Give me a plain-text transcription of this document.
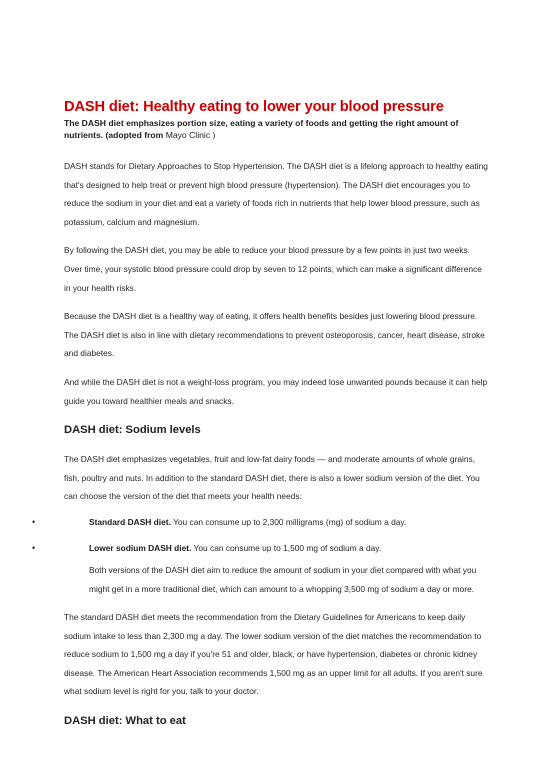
DASH diet: Healthy eating to lower your blood pressure
The DASH diet emphasizes portion size, eating a variety of foods and getting the right amount of nutrients. (adopted from Mayo Clinic )

DASH stands for Dietary Approaches to Stop Hypertension. The DASH diet is a lifelong approach to healthy eating that's designed to help treat or prevent high blood pressure (hypertension). The DASH diet encourages you to reduce the sodium in your diet and eat a variety of foods rich in nutrients that help lower blood pressure, such as potassium, calcium and magnesium.

By following the DASH diet, you may be able to reduce your blood pressure by a few points in just two weeks. Over time, your systolic blood pressure could drop by seven to 12 points, which can make a significant difference in your health risks.

Because the DASH diet is a healthy way of eating, it offers health benefits besides just lowering blood pressure. The DASH diet is also in line with dietary recommendations to prevent osteoporosis, cancer, heart disease, stroke and diabetes.

And while the DASH diet is not a weight-loss program, you may indeed lose unwanted pounds because it can help guide you toward healthier meals and snacks.

DASH diet: Sodium levels

The DASH diet emphasizes vegetables, fruit and low-fat dairy foods — and moderate amounts of whole grains, fish, poultry and nuts. In addition to the standard DASH diet, there is also a lower sodium version of the diet. You can choose the version of the diet that meets your health needs:

•	Standard DASH diet. You can consume up to 2,300 milligrams (mg) of sodium a day.
•	Lower sodium DASH diet. You can consume up to 1,500 mg of sodium a day.

Both versions of the DASH diet aim to reduce the amount of sodium in your diet compared with what you might get in a more traditional diet, which can amount to a whopping 3,500 mg of sodium a day or more.

The standard DASH diet meets the recommendation from the Dietary Guidelines for Americans to keep daily sodium intake to less than 2,300 mg a day. The lower sodium version of the diet matches the recommendation to reduce sodium to 1,500 mg a day if you're 51 and older, black, or have hypertension, diabetes or chronic kidney disease. The American Heart Association recommends 1,500 mg as an upper limit for all adults. If you aren't sure what sodium level is right for you, talk to your doctor.

DASH diet: What to eat
